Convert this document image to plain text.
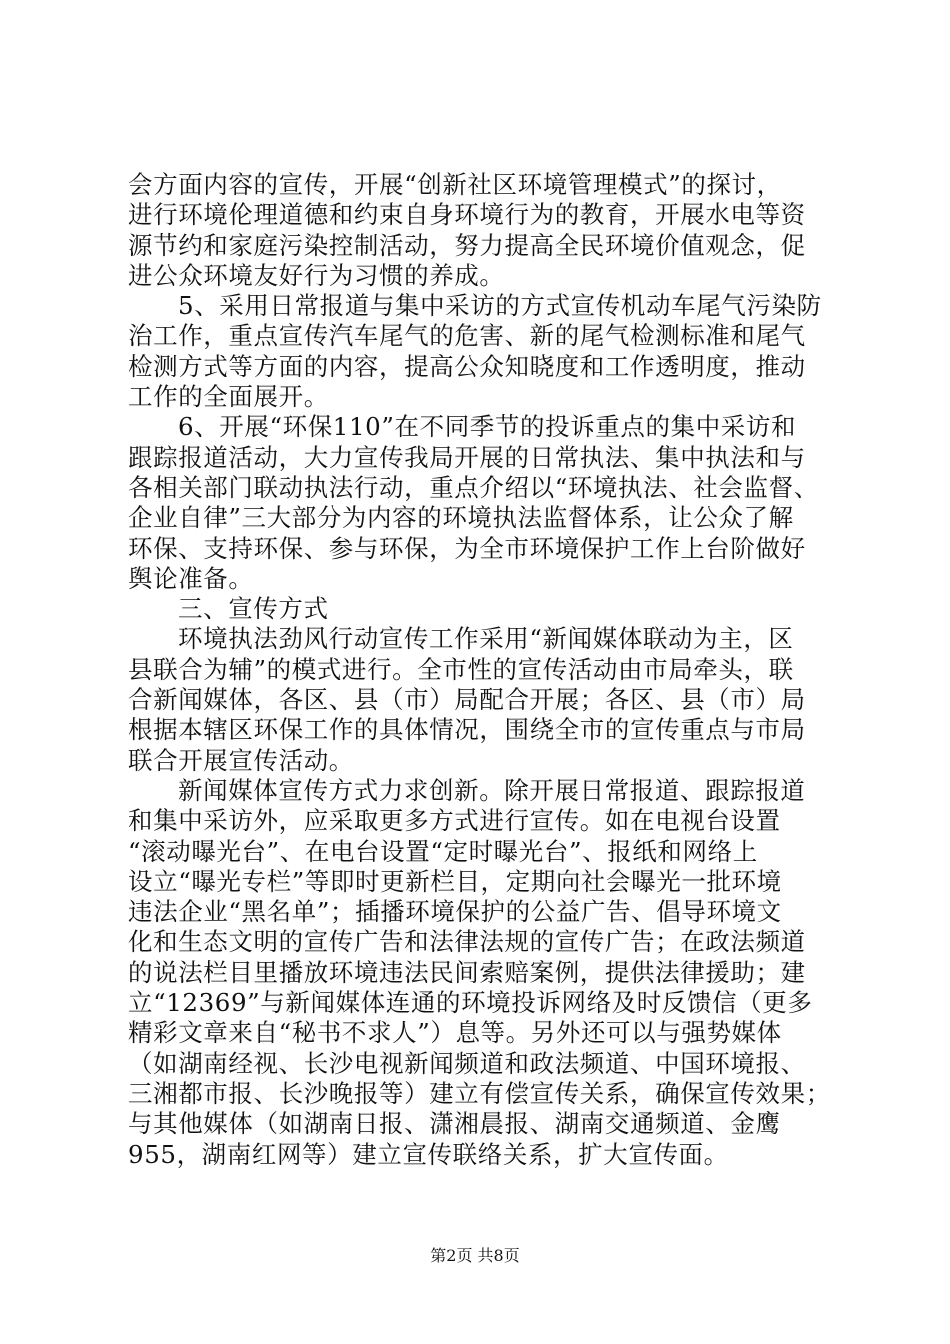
会方面内容的宣传，开展“创新社区环境管理模式”的探讨，
进行环境伦理道德和约束自身环境行为的教育，开展水电等资
源节约和家庭污染控制活动，努力提高全民环境价值观念，促
进公众环境友好行为习惯的养成。
5、采用日常报道与集中采访的方式宣传机动车尾气污染防
治工作，重点宣传汽车尾气的危害、新的尾气检测标准和尾气
检测方式等方面的内容，提高公众知晓度和工作透明度，推动
工作的全面展开。
6、开展“环保110”在不同季节的投诉重点的集中采访和
跟踪报道活动，大力宣传我局开展的日常执法、集中执法和与
各相关部门联动执法行动，重点介绍以“环境执法、社会监督、
企业自律”三大部分为内容的环境执法监督体系，让公众了解
环保、支持环保、参与环保，为全市环境保护工作上台阶做好
舆论准备。
三、宣传方式
环境执法劲风行动宣传工作采用“新闻媒体联动为主，区
县联合为辅”的模式进行。全市性的宣传活动由市局牵头，联
合新闻媒体，各区、县（市）局配合开展；各区、县（市）局
根据本辖区环保工作的具体情况，围绕全市的宣传重点与市局
联合开展宣传活动。
新闻媒体宣传方式力求创新。除开展日常报道、跟踪报道
和集中采访外，应采取更多方式进行宣传。如在电视台设置
“滚动曝光台”、在电台设置“定时曝光台”、报纸和网络上
设立“曝光专栏”等即时更新栏目，定期向社会曝光一批环境
违法企业“黑名单”；插播环境保护的公益广告、倡导环境文
化和生态文明的宣传广告和法律法规的宣传广告；在政法频道
的说法栏目里播放环境违法民间索赔案例，提供法律援助；建
立“12369”与新闻媒体连通的环境投诉网络及时反馈信（更多
精彩文章来自“秘书不求人”）息等。另外还可以与强势媒体
（如湖南经视、长沙电视新闻频道和政法频道、中国环境报、
三湘都市报、长沙晚报等）建立有偿宣传关系，确保宣传效果；
与其他媒体（如湖南日报、潇湘晨报、湖南交通频道、金鹰
955，湖南红网等）建立宣传联络关系，扩大宣传面。
第2页 共8页
